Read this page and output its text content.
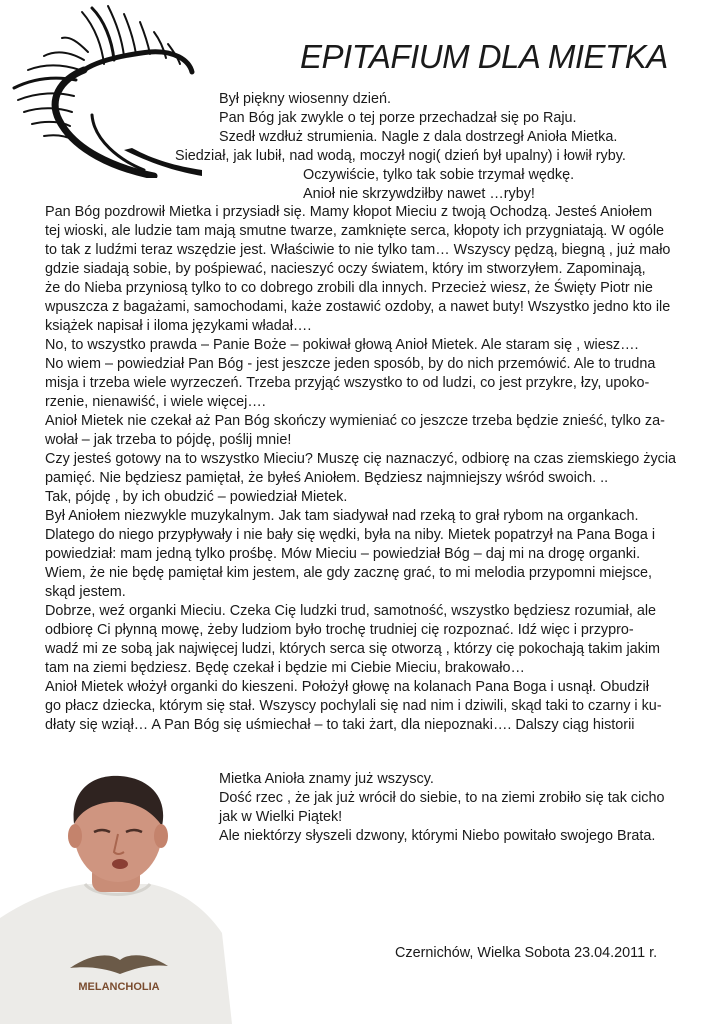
EPITAFIUM DLA MIETKA
Był piękny wiosenny dzień.
Pan Bóg jak zwykle o tej porze przechadzał się po Raju.
Szedł wzdłuż strumienia. Nagle z dala dostrzegł Anioła Mietka.
Siedział, jak lubił, nad wodą, moczył nogi( dzień był upalny) i łowił ryby.
Oczywiście, tylko tak sobie trzymał wędkę.
Anioł nie skrzywdziłby nawet …ryby!
Pan Bóg pozdrowił Mietka i przysiadł się. Mamy kłopot Mieciu z twoją Ochodzą. Jesteś Aniołem
tej wioski, ale ludzie tam mają smutne twarze, zamknięte serca, kłopoty ich przygniatają. W ogóle
to tak z ludźmi teraz wszędzie jest. Właściwie to nie tylko tam… Wszyscy pędzą, biegną , już mało
gdzie siadają sobie, by pośpiewać, nacieszyć oczy światem, który im stworzyłem. Zapominają,
że do Nieba przyniosą tylko to co dobrego zrobili dla innych. Przecież wiesz, że Święty Piotr nie
wpuszcza z bagażami, samochodami, każe zostawić ozdoby, a nawet buty! Wszystko jedno kto ile
książek napisał i iloma językami władał….
No, to wszystko prawda – Panie Boże – pokiwał głową Anioł Mietek. Ale staram się , wiesz….
No wiem – powiedział Pan Bóg - jest jeszcze jeden sposób, by do nich przemówić. Ale to trudna
misja i trzeba wiele wyrzeczeń. Trzeba przyjąć wszystko to od ludzi, co jest przykre, łzy, upoko-
rzenie, nienawiść, i wiele więcej….
Anioł Mietek nie czekał aż Pan Bóg skończy wymieniać co jeszcze trzeba będzie znieść, tylko za-
wołał – jak trzeba to pójdę, poślij mnie!
Czy jesteś gotowy na to wszystko Mieciu? Muszę cię naznaczyć, odbiorę na czas ziemskiego życia
pamięć. Nie będziesz pamiętał, że byłeś Aniołem. Będziesz najmniejszy wśród swoich. ..
Tak, pójdę , by ich obudzić – powiedział Mietek.
Był Aniołem niezwykle muzykalnym. Jak tam siadywał nad rzeką to grał rybom na organkach.
Dlatego do niego przypływały i nie bały się wędki, była na niby. Mietek popatrzył na Pana Boga i
powiedział: mam jedną tylko prośbę. Mów Mieciu – powiedział Bóg – daj mi na drogę organki.
Wiem, że nie będę pamiętał kim jestem, ale gdy zacznę grać, to mi melodia przypomni miejsce,
skąd jestem.
Dobrze, weź organki Mieciu. Czeka Cię ludzki trud, samotność, wszystko będziesz rozumiał, ale
odbiorę Ci płynną mowę, żeby ludziom było trochę trudniej cię rozpoznać. Idź więc i przypro-
wadź mi ze sobą jak najwięcej ludzi, których serca się otworzą , którzy cię pokochają takim jakim
tam na ziemi będziesz. Będę czekał i będzie mi Ciebie Mieciu, brakowało…
Anioł Mietek włożył organki do kieszeni. Położył głowę na kolanach Pana Boga i usnął. Obudził
go płacz dziecka, którym się stał. Wszyscy pochylali się nad nim i dziwili, skąd taki to czarny i ku-
dłaty się wziął… A Pan Bóg się uśmiechał – to taki żart, dla niepoznaki…. Dalszy ciąg historii
MELANCHOLIA
Mietka Anioła znamy już wszyscy.
Dość rzec , że jak już wrócił do siebie, to na ziemi zrobiło się tak cicho
jak w Wielki Piątek!
Ale niektórzy słyszeli dzwony, którymi Niebo powitało swojego Brata.
Czernichów, Wielka Sobota 23.04.2011 r.
